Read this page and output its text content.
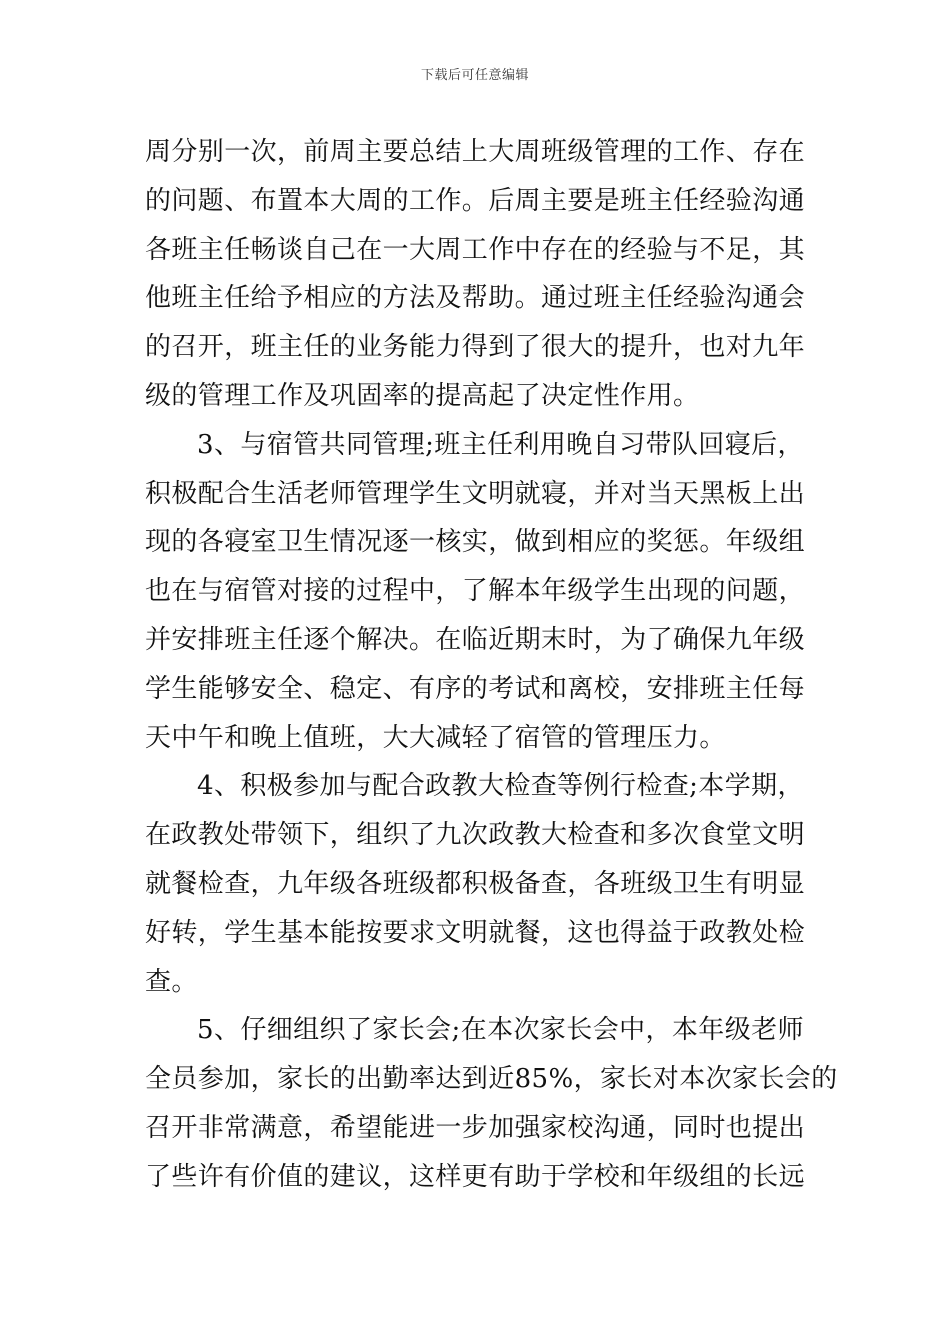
下载后可任意编辑
周分别一次，前周主要总结上大周班级管理的工作、存在
的问题、布置本大周的工作。后周主要是班主任经验沟通
各班主任畅谈自己在一大周工作中存在的经验与不足，其
他班主任给予相应的方法及帮助。通过班主任经验沟通会
的召开，班主任的业务能力得到了很大的提升，也对九年
级的管理工作及巩固率的提高起了决定性作用。
3、与宿管共同管理;班主任利用晚自习带队回寝后，
积极配合生活老师管理学生文明就寝，并对当天黑板上出
现的各寝室卫生情况逐一核实，做到相应的奖惩。年级组
也在与宿管对接的过程中，了解本年级学生出现的问题，
并安排班主任逐个解决。在临近期末时，为了确保九年级
学生能够安全、稳定、有序的考试和离校，安排班主任每
天中午和晚上值班，大大减轻了宿管的管理压力。
4、积极参加与配合政教大检查等例行检查;本学期，
在政教处带领下，组织了九次政教大检查和多次食堂文明
就餐检查，九年级各班级都积极备查，各班级卫生有明显
好转，学生基本能按要求文明就餐，这也得益于政教处检
查。
5、仔细组织了家长会;在本次家长会中，本年级老师
全员参加，家长的出勤率达到近85%，家长对本次家长会的
召开非常满意，希望能进一步加强家校沟通，同时也提出
了些许有价值的建议，这样更有助于学校和年级组的长远
